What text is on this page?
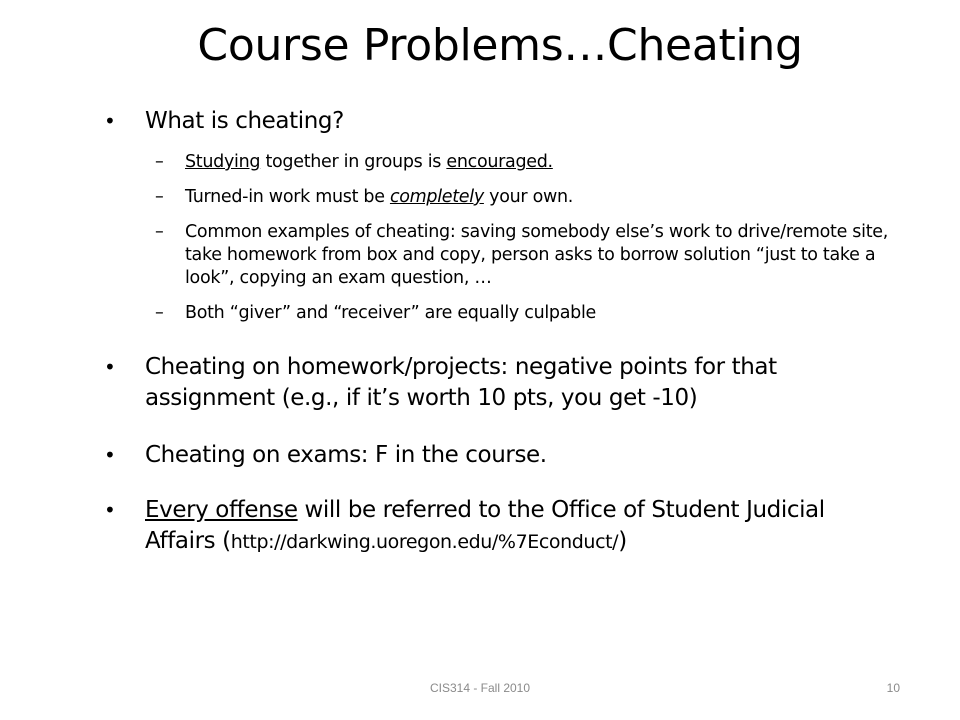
Course Problems…Cheating
• What is cheating?
– Studying together in groups is encouraged.
– Turned-in work must be completely your own.
– Common examples of cheating: saving somebody else’s work to drive/remote site, take homework from box and copy, person asks to borrow solution “just to take a look”, copying an exam question, …
– Both “giver” and “receiver” are equally culpable
• Cheating on homework/projects: negative points for that assignment (e.g., if it’s worth 10 pts, you get -10)
• Cheating on exams: F in the course.
• Every offense will be referred to the Office of Student Judicial Affairs (http://darkwing.uoregon.edu/%7Econduct/)
CIS314 - Fall 2010	10
